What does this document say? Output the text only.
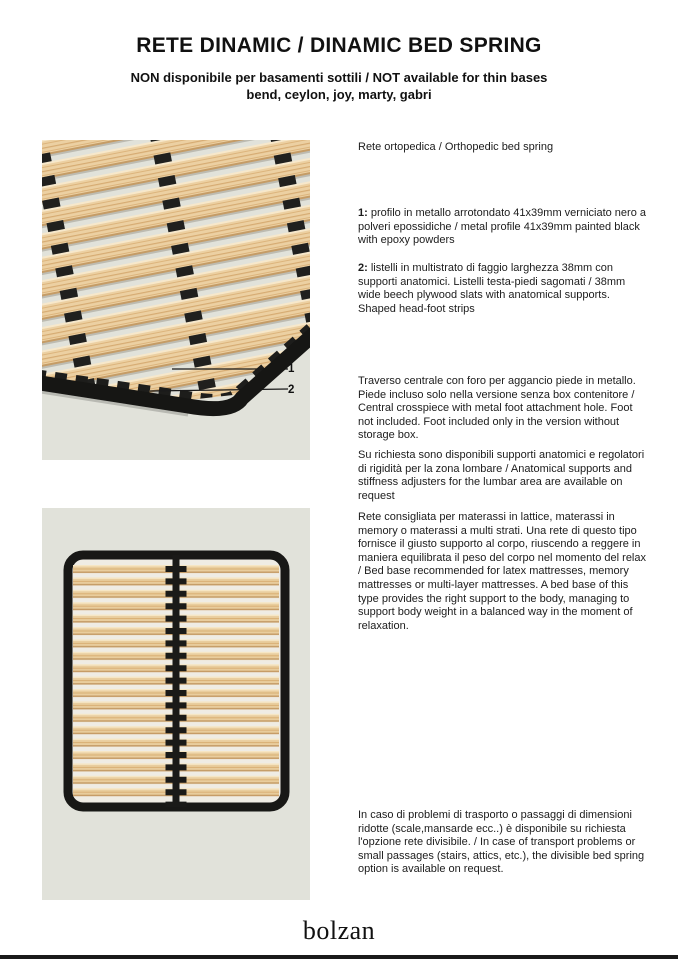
RETE DINAMIC / DINAMIC BED SPRING

NON disponibile per basamenti sottili / NOT available for thin bases

bend, ceylon, joy, marty, gabri

1
2

Rete ortopedica / Orthopedic bed spring

1: profilo in metallo arrotondato 41x39mm verniciato nero a polveri epossidiche / metal profile 41x39mm painted black with epoxy powders

2: listelli in multistrato di faggio larghezza 38mm con supporti anatomici. Listelli testa-piedi sagomati / 38mm wide beech plywood slats with anatomical supports. Shaped head-foot strips

Traverso centrale con foro per aggancio piede in metallo. Piede incluso solo nella versione senza box contenitore / Central crosspiece with metal foot attachment hole. Foot not included. Foot included only in the version without storage box.

Su richiesta sono disponibili supporti anatomici e regolatori di rigidità per la zona lombare / Anatomical supports and stiffness adjusters for the lumbar area are available on request

Rete consigliata per materassi in lattice, materassi in memory o materassi a multi strati. Una rete di questo tipo fornisce il giusto supporto al corpo, riuscendo a reggere in maniera equilibrata il peso del corpo nel momento del relax / Bed base recommended for latex mattresses, memory mattresses or multi-layer mattresses. A bed base of this type provides the right support to the body, managing to support body weight in a balanced way in the moment of relaxation.

In caso di problemi di trasporto o passaggi di dimensioni ridotte (scale,mansarde ecc..) è disponibile su richiesta l'opzione rete divisibile. / In case of transport problems or small passages (stairs, attics, etc.), the divisible bed spring option is available on request.

bolzan
